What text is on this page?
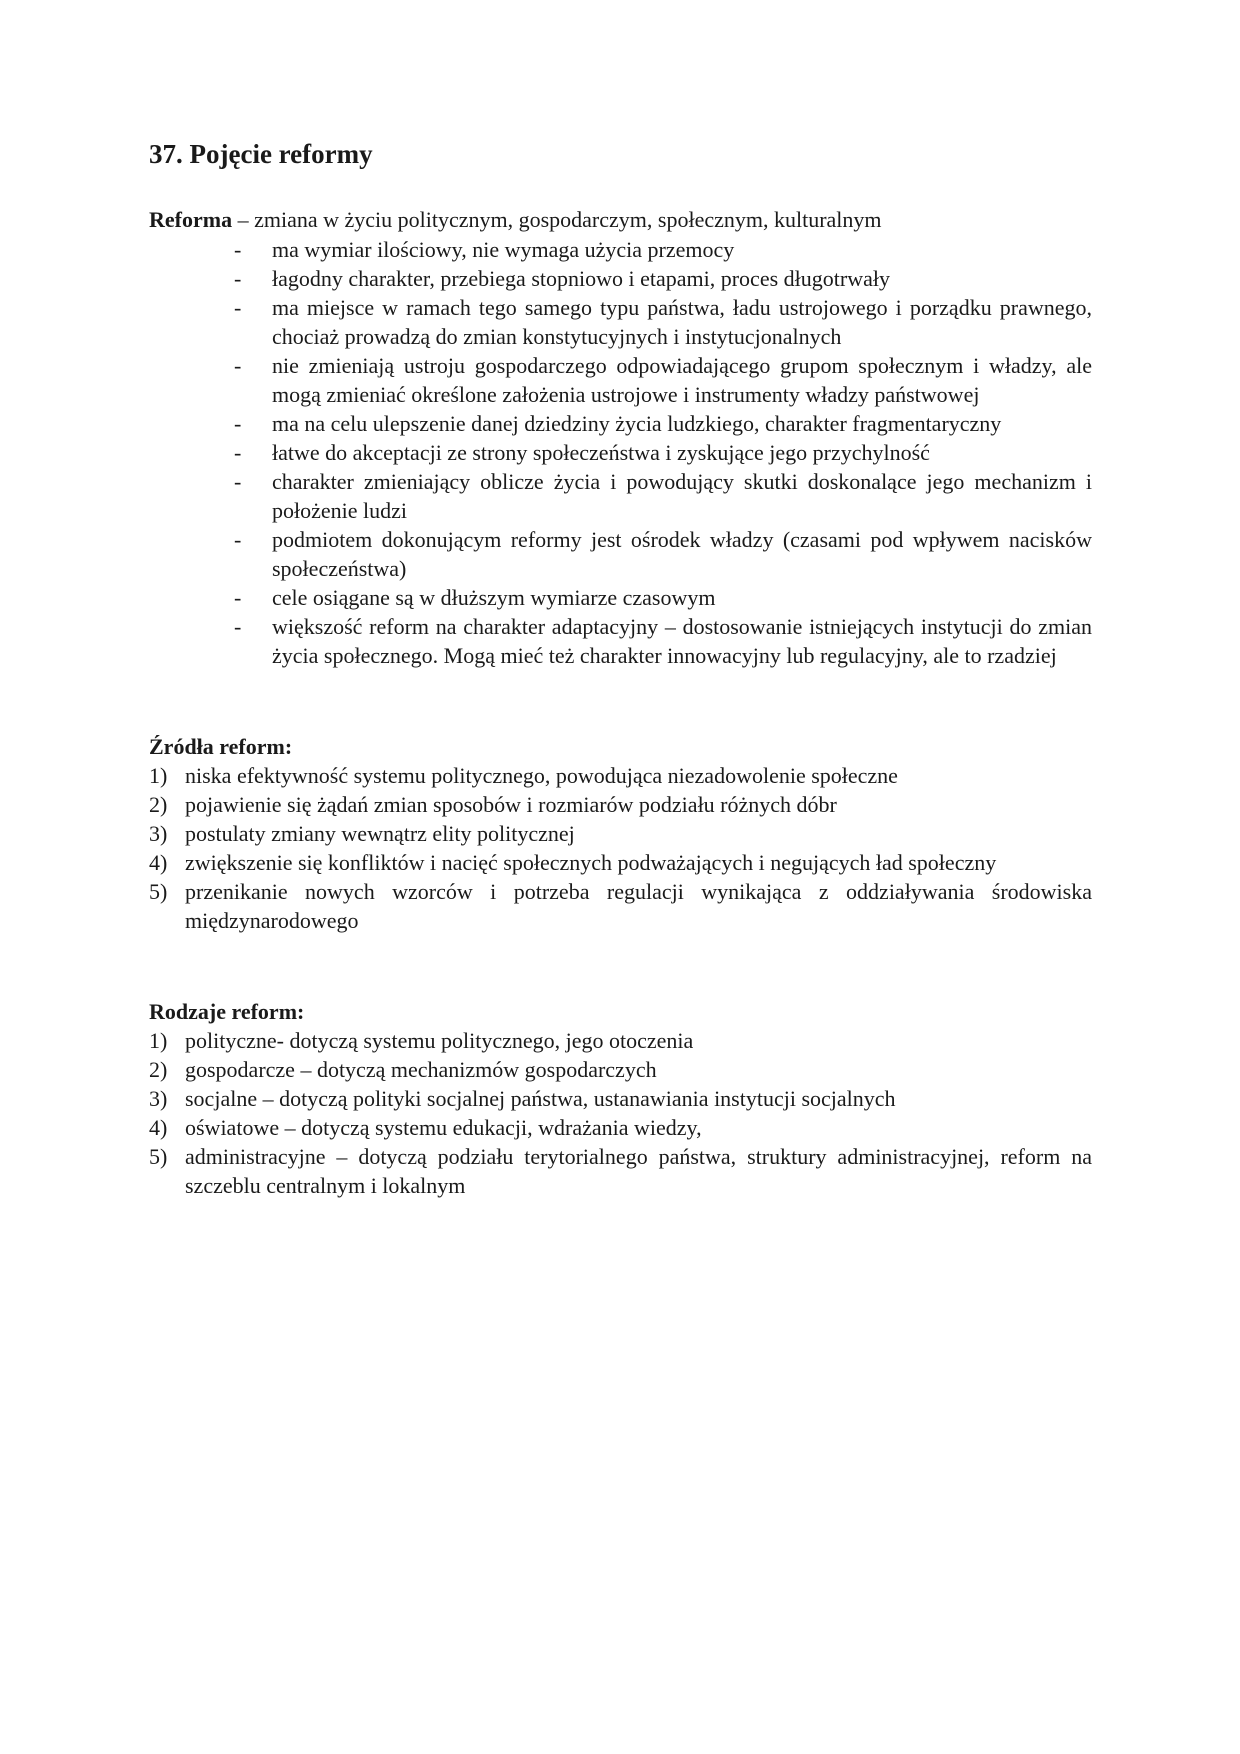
37. Pojęcie reformy

Reforma – zmiana w życiu politycznym, gospodarczym, społecznym, kulturalnym

- ma wymiar ilościowy, nie wymaga użycia przemocy
- łagodny charakter, przebiega stopniowo i etapami, proces długotrwały
- ma miejsce w ramach tego samego typu państwa, ładu ustrojowego i porządku prawnego, chociaż prowadzą do zmian konstytucyjnych i instytucjonalnych
- nie zmieniają ustroju gospodarczego odpowiadającego grupom społecznym i władzy, ale mogą zmieniać określone założenia ustrojowe i instrumenty władzy państwowej
- ma na celu ulepszenie danej dziedziny życia ludzkiego, charakter fragmentaryczny
- łatwe do akceptacji ze strony społeczeństwa i zyskujące jego przychylność
- charakter zmieniający oblicze życia i powodujący skutki doskonalące jego mechanizm i położenie ludzi
- podmiotem dokonującym reformy jest ośrodek władzy (czasami pod wpływem nacisków społeczeństwa)
- cele osiągane są w dłuższym wymiarze czasowym
- większość reform na charakter adaptacyjny – dostosowanie istniejących instytucji do zmian życia społecznego. Mogą mieć też charakter innowacyjny lub regulacyjny, ale to rzadziej

Źródła reform:

1) niska efektywność systemu politycznego, powodująca niezadowolenie społeczne
2) pojawienie się żądań zmian sposobów i rozmiarów podziału różnych dóbr
3) postulaty zmiany wewnątrz elity politycznej
4) zwiększenie się konfliktów i nacięć społecznych podważających i negujących ład społeczny
5) przenikanie nowych wzorców i potrzeba regulacji wynikająca z oddziaływania środowiska międzynarodowego

Rodzaje reform:

1) polityczne- dotyczą systemu politycznego, jego otoczenia
2) gospodarcze – dotyczą mechanizmów gospodarczych
3) socjalne – dotyczą polityki socjalnej państwa, ustanawiania instytucji socjalnych
4) oświatowe – dotyczą systemu edukacji, wdrażania wiedzy,
5) administracyjne – dotyczą podziału terytorialnego państwa, struktury administracyjnej, reform na szczeblu centralnym i lokalnym
